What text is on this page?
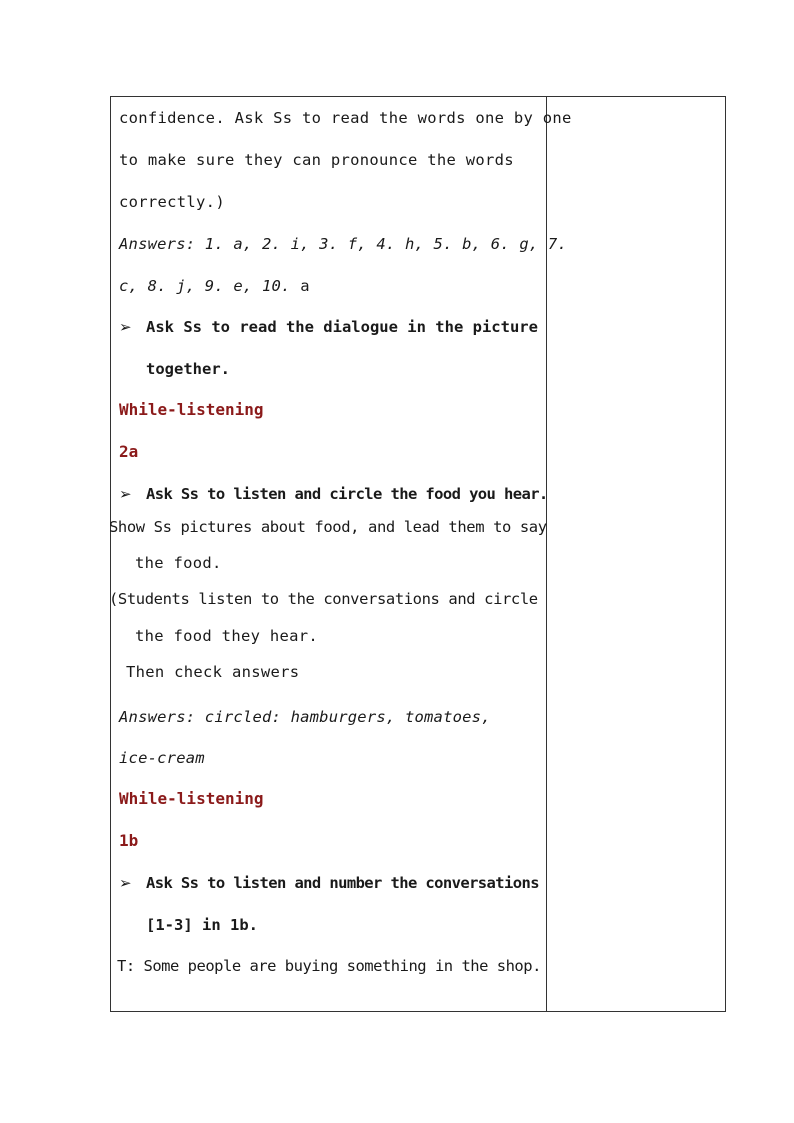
confidence. Ask Ss to read the words one by one
to make sure they can pronounce the words
correctly.)
Answers: 1. a, 2. i, 3. f, 4. h, 5. b, 6. g, 7.
c, 8. j, 9. e, 10. a
➢ Ask Ss to read the dialogue in the picture
together.
While-listening
2a
➢ Ask Ss to listen and circle the food you hear.
Show Ss pictures about food, and lead them to say
the food.
(Students listen to the conversations and circle
the food they hear.
Then check answers
Answers: circled: hamburgers, tomatoes,
ice-cream
While-listening
1b
➢ Ask Ss to listen and number the conversations
[1-3] in 1b.
T: Some people are buying something in the shop.
